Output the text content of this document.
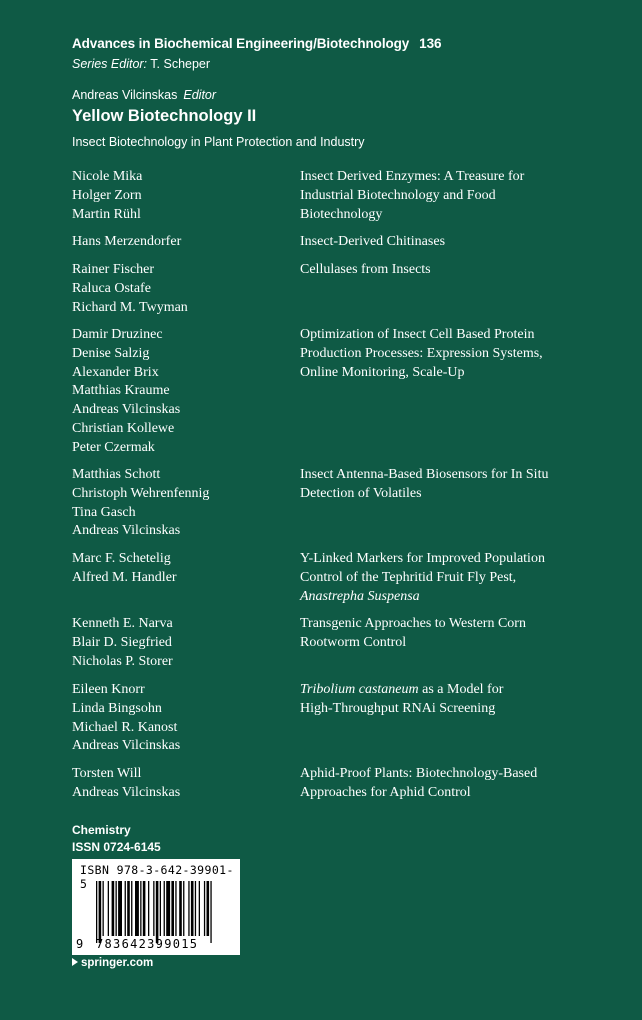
Advances in Biochemical Engineering/Biotechnology 136
Series Editor: T. Scheper
Andreas Vilcinskas Editor
Yellow Biotechnology II
Insect Biotechnology in Plant Protection and Industry
Nicole Mika
Holger Zorn
Martin Rühl
Insect Derived Enzymes: A Treasure for
Industrial Biotechnology and Food
Biotechnology
Hans Merzendorfer	Insect-Derived Chitinases
Rainer Fischer
Raluca Ostafe
Richard M. Twyman
Cellulases from Insects
Damir Druzinec
Denise Salzig
Alexander Brix
Matthias Kraume
Andreas Vilcinskas
Christian Kollewe
Peter Czermak
Optimization of Insect Cell Based Protein
Production Processes: Expression Systems,
Online Monitoring, Scale-Up
Matthias Schott
Christoph Wehrenfennig
Tina Gasch
Andreas Vilcinskas
Insect Antenna-Based Biosensors for In Situ
Detection of Volatiles
Marc F. Schetelig
Alfred M. Handler
Y-Linked Markers for Improved Population
Control of the Tephritid Fruit Fly Pest,
Anastrepha Suspensa
Kenneth E. Narva
Blair D. Siegfried
Nicholas P. Storer
Transgenic Approaches to Western Corn
Rootworm Control
Eileen Knorr
Linda Bingsohn
Michael R. Kanost
Andreas Vilcinskas
Tribolium castaneum as a Model for
High-Throughput RNAi Screening
Torsten Will
Andreas Vilcinskas
Aphid-Proof Plants: Biotechnology-Based
Approaches for Aphid Control
Chemistry
ISSN 0724-6145
ISBN 978-3-642-39901-5
9 783642399015
springer.com
